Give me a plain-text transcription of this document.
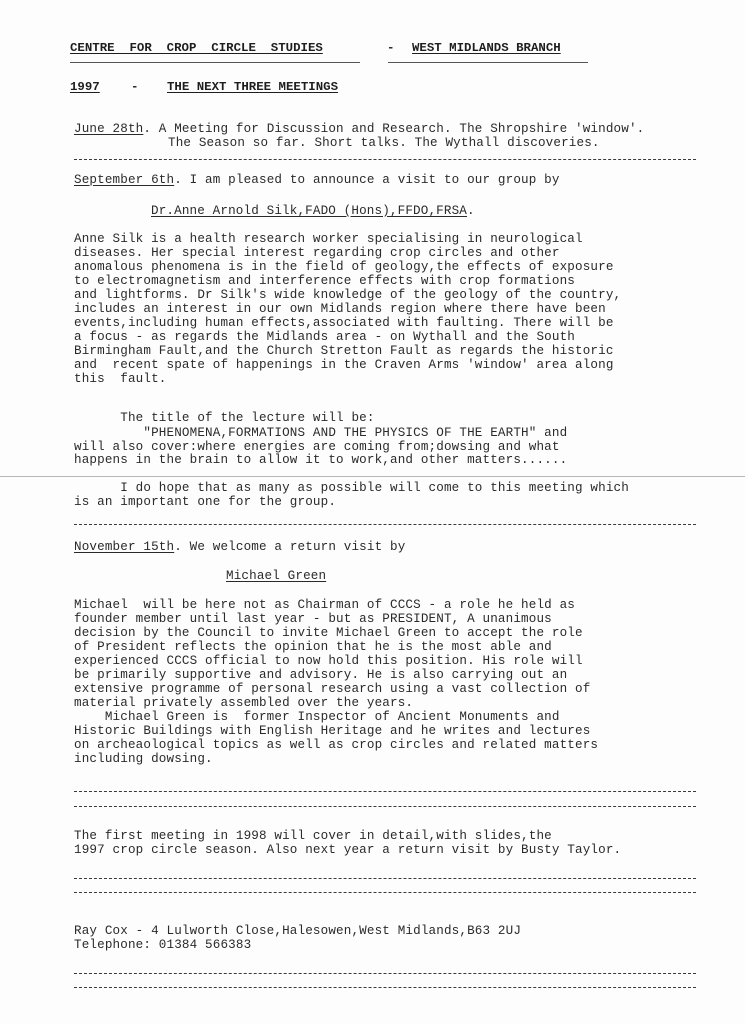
CENTRE  FOR  CROP  CIRCLE  STUDIES	- WEST MIDLANDS BRANCH
1997	- THE NEXT THREE MEETINGS
June 28th. A Meeting for Discussion and Research. The Shropshire 'window'.
The Season so far. Short talks. The Wythall discoveries.
September 6th. I am pleased to announce a visit to our group by
Dr.Anne Arnold Silk,FADO (Hons),FFDO,FRSA.
Anne Silk is a health research worker specialising in neurological
diseases. Her special interest regarding crop circles and other
anomalous phenomena is in the field of geology,the effects of exposure
to electromagnetism and interference effects with crop formations
and lightforms. Dr Silk's wide knowledge of the geology of the country,
includes an interest in our own Midlands region where there have been
events,including human effects,associated with faulting. There will be
a focus - as regards the Midlands area - on Wythall and the South
Birmingham Fault,and the Church Stretton Fault as regards the historic
and  recent spate of happenings in the Craven Arms 'window' area along
this  fault.
The title of the lecture will be:
"PHENOMENA,FORMATIONS AND THE PHYSICS OF THE EARTH" and
will also cover:where energies are coming from;dowsing and what
happens in the brain to allow it to work,and other matters......
I do hope that as many as possible will come to this meeting which
is an important one for the group.
November 15th. We welcome a return visit by
Michael Green
Michael  will be here not as Chairman of CCCS - a role he held as
founder member until last year - but as PRESIDENT, A unanimous
decision by the Council to invite Michael Green to accept the role
of President reflects the opinion that he is the most able and
experienced CCCS official to now hold this position. His role will
be primarily supportive and advisory. He is also carrying out an
extensive programme of personal research using a vast collection of
material privately assembled over the years.
Michael Green is  former Inspector of Ancient Monuments and
Historic Buildings with English Heritage and he writes and lectures
on archeaological topics as well as crop circles and related matters
including dowsing.
The first meeting in 1998 will cover in detail,with slides,the
1997 crop circle season. Also next year a return visit by Busty Taylor.
Ray Cox - 4 Lulworth Close,Halesowen,West Midlands,B63 2UJ
Telephone: 01384 566383
